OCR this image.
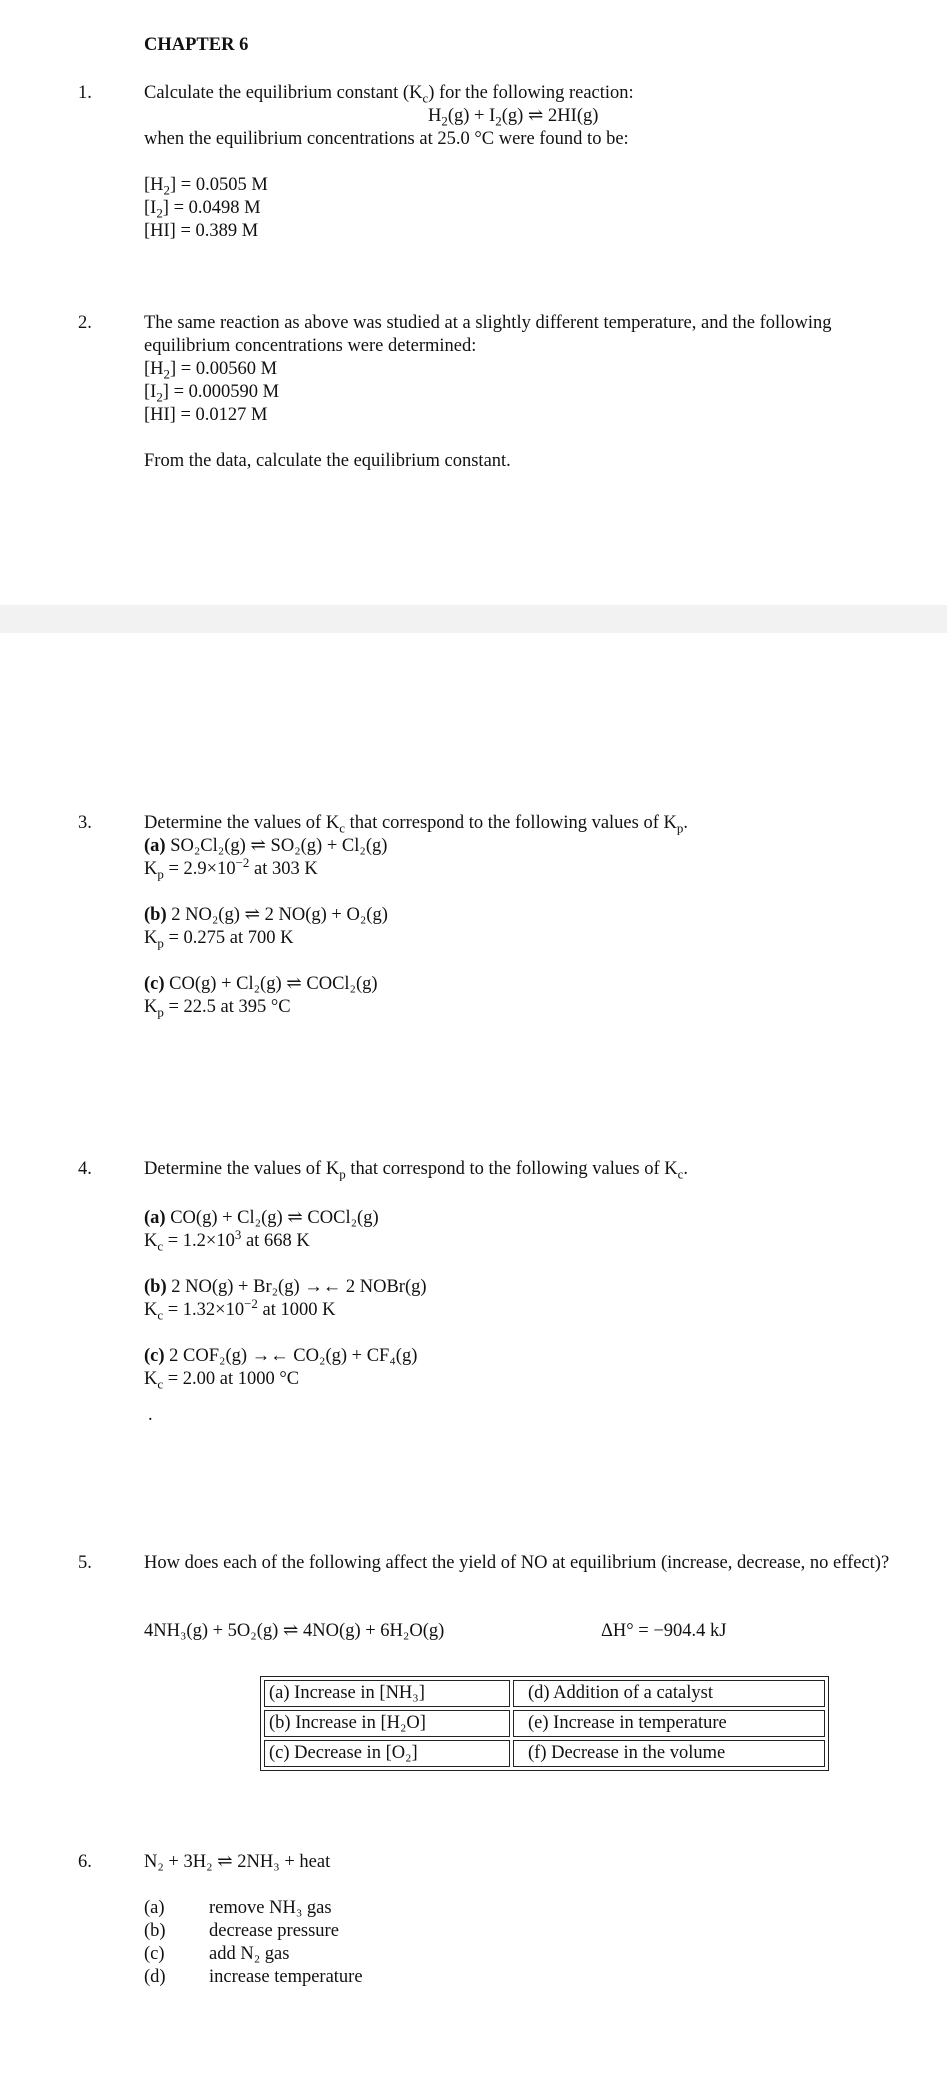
CHAPTER 6
1.	Calculate the equilibrium constant $(K_c)$ for the following reaction:
$H_2(g) + I_2(g)$ ⇌ 2HI(g)
when the equilibrium concentrations at 25.0 °C were found to be:
$[H_2] = 0.0505$ M
$[I_2] = 0.0498$ M
[HI] = 0.389 M
2.	The same reaction as above was studied at a slightly different temperature, and the following equilibrium concentrations were determined:
$[H_2] = 0.00560$ M
$[I_2] = 0.000590$ M
[HI] = 0.0127 M
From the data, calculate the equilibrium constant.
3.	Determine the values of $K_c$ that correspond to the following values of $K_p$.
(a) SO₂Cl₂(g) ⇌ SO₂(g) + Cl₂(g)
$K_p = 2.9\times 10^{-2}$ at 303 K
(b) 2 NO₂(g) ⇌ 2 NO(g) + O₂(g)
$K_p = 0.275$ at 700 K
(c) CO(g) + Cl₂(g) ⇌ COCl₂(g)
$K_p = 22.5$ at 395 °C
4.	Determine the values of $K_p$ that correspond to the following values of $K_c$.
(a) CO(g) + Cl₂(g) ⇌ COCl₂(g)
$K_c = 1.2\times 10^3$ at 668 K
(b) 2 NO(g) + Br₂(g) →← 2 NOBr(g)
$K_c = 1.32\times 10^{-2}$ at 1000 K
(c) 2 COF₂(g) →← CO₂(g) + CF₄(g)
$K_c = 2.00$ at 1000 °C
.
5.	How does each of the following affect the yield of NO at equilibrium (increase, decrease, no effect)?
4NH₃(g) + 5O₂(g) ⇌ 4NO(g) + 6H₂O(g)	ΔH° = −904.4 kJ
(a) Increase in [NH₃]	(d) Addition of a catalyst
(b) Increase in [H₂O]	(e) Increase in temperature
(c) Decrease in [O₂]	(f) Decrease in the volume
6.	N₂ + 3H₂ ⇌ 2NH₃ + heat
(a) remove NH₃ gas
(b) decrease pressure
(c) add N₂ gas
(d) increase temperature
